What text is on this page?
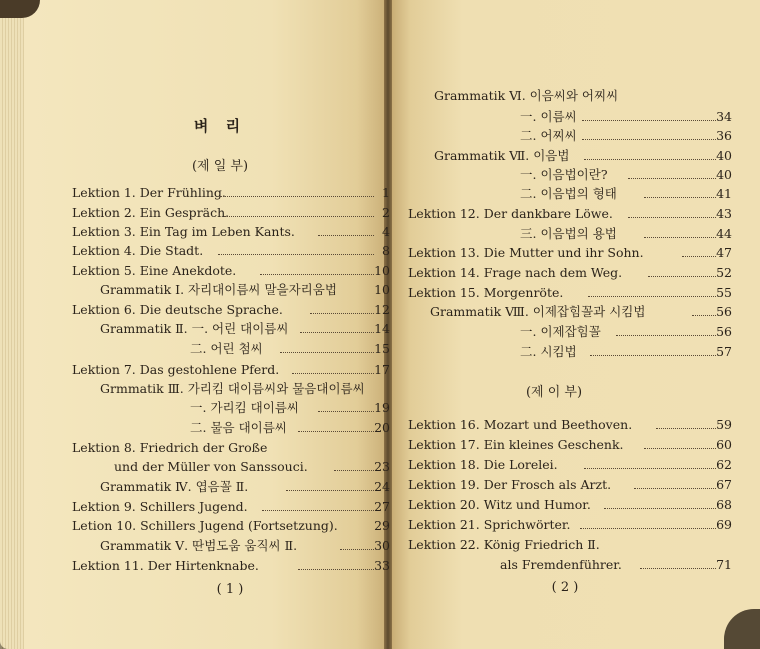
벼 리
(제 일 부)
Lektion 1. Der Frühling.	1
Lektion 2. Ein Gespräch.	2
Lektion 3. Ein Tag im Leben Kants.	4
Lektion 4. Die Stadt.	8
Lektion 5. Eine Anekdote.	10
Grammatik Ⅰ. 자리대이름씨 말을자리움법	10
Lektion 6. Die deutsche Sprache.	12
Grammatik Ⅱ. 一. 어린 대이름씨	14
二. 어린 첨씨	15
Lektion 7. Das gestohlene Pferd.	17
Grmmatik Ⅲ. 가리킴 대이름씨와 물음대이름씨
一. 가리킴 대이름씨	19
二. 물음 대이름씨	20
Lektion 8. Friedrich der Große
und der Müller von Sanssouci.	23
Grammatik Ⅳ. 엽음꼴 Ⅱ.	24
Lektion 9. Schillers Jugend.	27
Letion 10. Schillers Jugend (Fortsetzung).	29
Grammatik Ⅴ. 딴범도움 움직씨 Ⅱ.	30
Lektion 11. Der Hirtenknabe.	33
( 1 )
Grammatik Ⅵ. 이음씨와 어찌씨
一. 이름씨	34
二. 어찌씨	36
Grammatik Ⅶ. 이음법	40
一. 이음법이란?	40
二. 이음법의 형태	41
Lektion 12. Der dankbare Löwe.	43
三. 이음법의 용법	44
Lektion 13. Die Mutter und ihr Sohn.	47
Lektion 14. Frage nach dem Weg.	52
Lektion 15. Morgenröte.	55
Grammatik Ⅷ. 이제잡힘꼴과 시킴법	56
一. 이제잡힘꼴	56
二. 시킴법	57
(제 이 부)
Lektion 16. Mozart und Beethoven.	59
Lektion 17. Ein kleines Geschenk.	60
Lektion 18. Die Lorelei.	62
Lektion 19. Der Frosch als Arzt.	67
Lektion 20. Witz und Humor.	68
Lektion 21. Sprichwörter.	69
Lektion 22. König Friedrich Ⅱ.
als Fremdenführer.	71
( 2 )
